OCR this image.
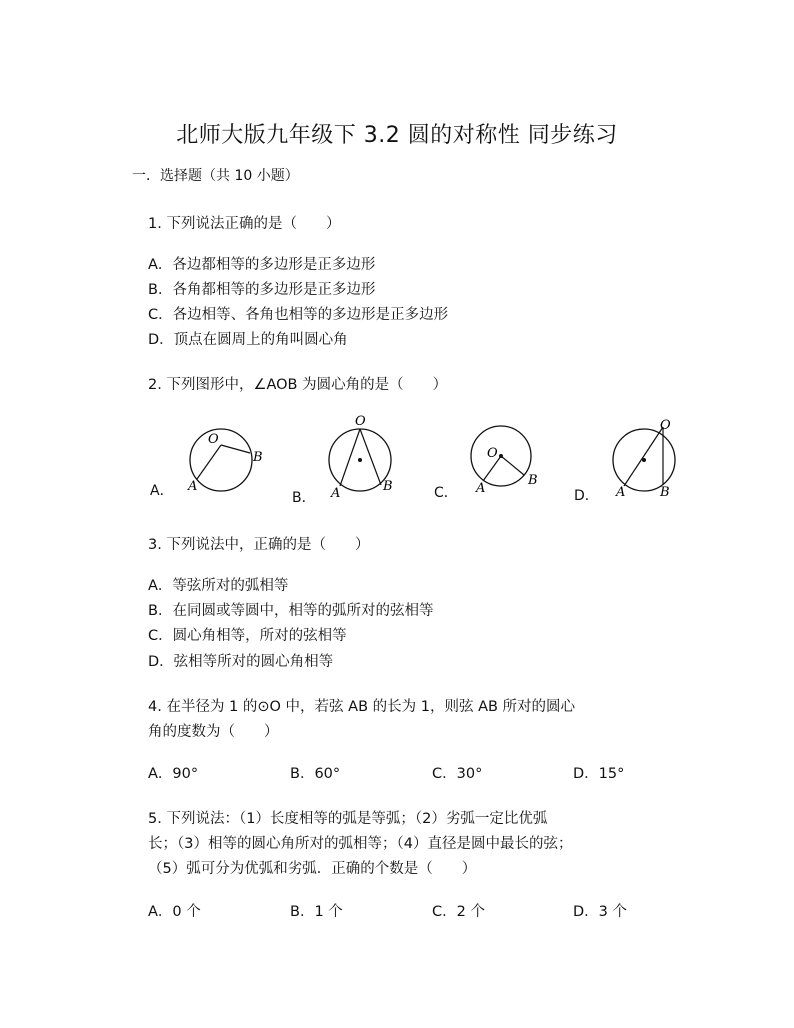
北师大版九年级下 3.2 圆的对称性 同步练习
一．选择题（共 10 小题）
1. 下列说法正确的是（　　）
A．各边都相等的多边形是正多边形
B．各角都相等的多边形是正多边形
C．各边相等、各角也相等的多边形是正多边形
D．顶点在圆周上的角叫圆心角
2. 下列图形中，∠AOB 为圆心角的是（　　）
A．
O
A
B
B．
O
A	B	C．
O
A
B
D．
O
A	B
3. 下列说法中，正确的是（　　）
A．等弦所对的弧相等
B．在同圆或等圆中，相等的弧所对的弦相等
C．圆心角相等，所对的弦相等
D．弦相等所对的圆心角相等
4. 在半径为 1 的⊙O 中，若弦 AB 的长为 1，则弦 AB 所对的圆心
角的度数为（　　）
A．90°	B．60°	C．30°	D．15°
5. 下列说法：（1）长度相等的弧是等弧；（2）劣弧一定比优弧
长；（3）相等的圆心角所对的弧相等；（4）直径是圆中最长的弦；
（5）弧可分为优弧和劣弧．正确的个数是（　　）
A．0 个	B．1 个	C．2 个	D．3 个
